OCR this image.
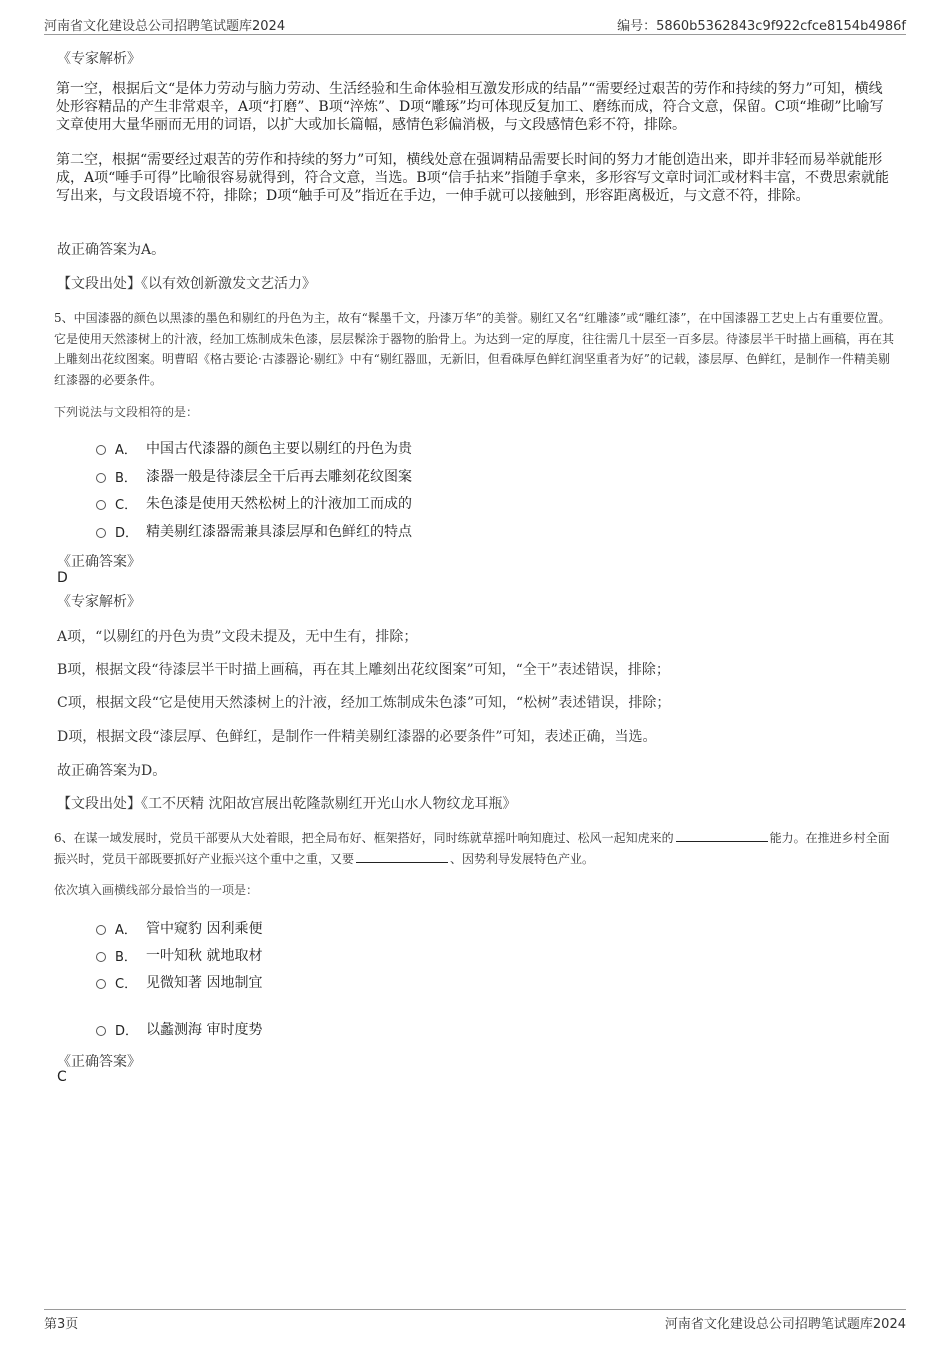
河南省文化建设总公司招聘笔试题库2024	编号：5860b5362843c9f922cfce8154b4986f
《专家解析》
第一空，根据后文“是体力劳动与脑力劳动、生活经验和生命体验相互激发形成的结晶”“需要经过艰苦的劳作和持续的努力”可知，横线处形容精品的产生非常艰辛，A项“打磨”、B项“淬炼”、D项“雕琢”均可体现反复加工、磨练而成，符合文意，保留。C项“堆砌”比喻写文章使用大量华丽而无用的词语，以扩大或加长篇幅，感情色彩偏消极，与文段感情色彩不符，排除。
第二空，根据“需要经过艰苦的劳作和持续的努力”可知，横线处意在强调精品需要长时间的努力才能创造出来，即并非轻而易举就能形成，A项“唾手可得”比喻很容易就得到，符合文意，当选。B项“信手拈来”指随手拿来，多形容写文章时词汇或材料丰富，不费思索就能写出来，与文段语境不符，排除；D项“触手可及”指近在手边，一伸手就可以接触到，形容距离极近，与文意不符，排除。
故正确答案为A。
【文段出处】《以有效创新激发文艺活力》
5、中国漆器的颜色以黑漆的墨色和剔红的丹色为主，故有“髹墨千文，丹漆万华”的美誉。剔红又名“红雕漆”或“雕红漆”，在中国漆器工艺史上占有重要位置。它是使用天然漆树上的汁液，经加工炼制成朱色漆，层层髹涂于器物的胎骨上。为达到一定的厚度，往往需几十层至一百多层。待漆层半干时描上画稿，再在其上雕刻出花纹图案。明曹昭《格古要论·古漆器论·剔红》中有“剔红器皿，无新旧，但看硃厚色鲜红润坚重者为好”的记载，漆层厚、色鲜红，是制作一件精美剔红漆器的必要条件。
下列说法与文段相符的是：
A． 中国古代漆器的颜色主要以剔红的丹色为贵
B． 漆器一般是待漆层全干后再去雕刻花纹图案
C． 朱色漆是使用天然松树上的汁液加工而成的
D． 精美剔红漆器需兼具漆层厚和色鲜红的特点
《正确答案》
D
《专家解析》
A项，“以剔红的丹色为贵”文段未提及，无中生有，排除；
B项，根据文段“待漆层半干时描上画稿，再在其上雕刻出花纹图案”可知，“全干”表述错误，排除；
C项，根据文段“它是使用天然漆树上的汁液，经加工炼制成朱色漆”可知，“松树”表述错误，排除；
D项，根据文段“漆层厚、色鲜红，是制作一件精美剔红漆器的必要条件”可知，表述正确，当选。
故正确答案为D。
【文段出处】《工不厌精 沈阳故宫展出乾隆款剔红开光山水人物纹龙耳瓶》
6、在谋一域发展时，党员干部要从大处着眼，把全局布好、框架搭好，同时练就草摇叶响知鹿过、松风一起知虎来的	能力。在推进乡村全面振兴时，党员干部既要抓好产业振兴这个重中之重，又要	、因势利导发展特色产业。
依次填入画横线部分最恰当的一项是：
A． 管中窥豹 因利乘便
B． 一叶知秋 就地取材
C． 见微知著 因地制宜
D． 以蠡测海 审时度势
《正确答案》
C
第3页	河南省文化建设总公司招聘笔试题库2024
